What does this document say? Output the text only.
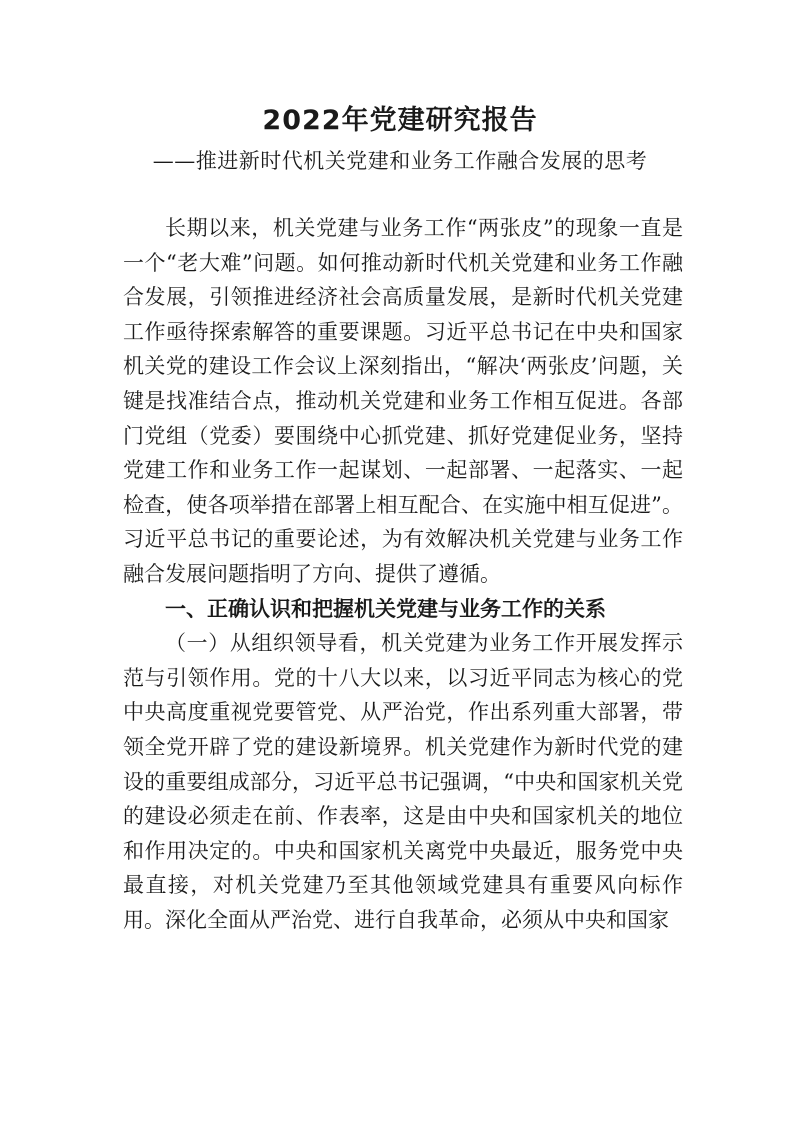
2022年党建研究报告
——推进新时代机关党建和业务工作融合发展的思考

长期以来，机关党建与业务工作“两张皮”的现象一直是一个“老大难”问题。如何推动新时代机关党建和业务工作融合发展，引领推进经济社会高质量发展，是新时代机关党建工作亟待探索解答的重要课题。习近平总书记在中央和国家机关党的建设工作会议上深刻指出，“解决‘两张皮’问题，关键是找准结合点，推动机关党建和业务工作相互促进。各部门党组（党委）要围绕中心抓党建、抓好党建促业务，坚持党建工作和业务工作一起谋划、一起部署、一起落实、一起检查，使各项举措在部署上相互配合、在实施中相互促进”。习近平总书记的重要论述，为有效解决机关党建与业务工作融合发展问题指明了方向、提供了遵循。

一、正确认识和把握机关党建与业务工作的关系

（一）从组织领导看，机关党建为业务工作开展发挥示范与引领作用。党的十八大以来，以习近平同志为核心的党中央高度重视党要管党、从严治党，作出系列重大部署，带领全党开辟了党的建设新境界。机关党建作为新时代党的建设的重要组成部分，习近平总书记强调，“中央和国家机关党的建设必须走在前、作表率，这是由中央和国家机关的地位和作用决定的。中央和国家机关离党中央最近，服务党中央最直接，对机关党建乃至其他领域党建具有重要风向标作用。深化全面从严治党、进行自我革命，必须从中央和国家
